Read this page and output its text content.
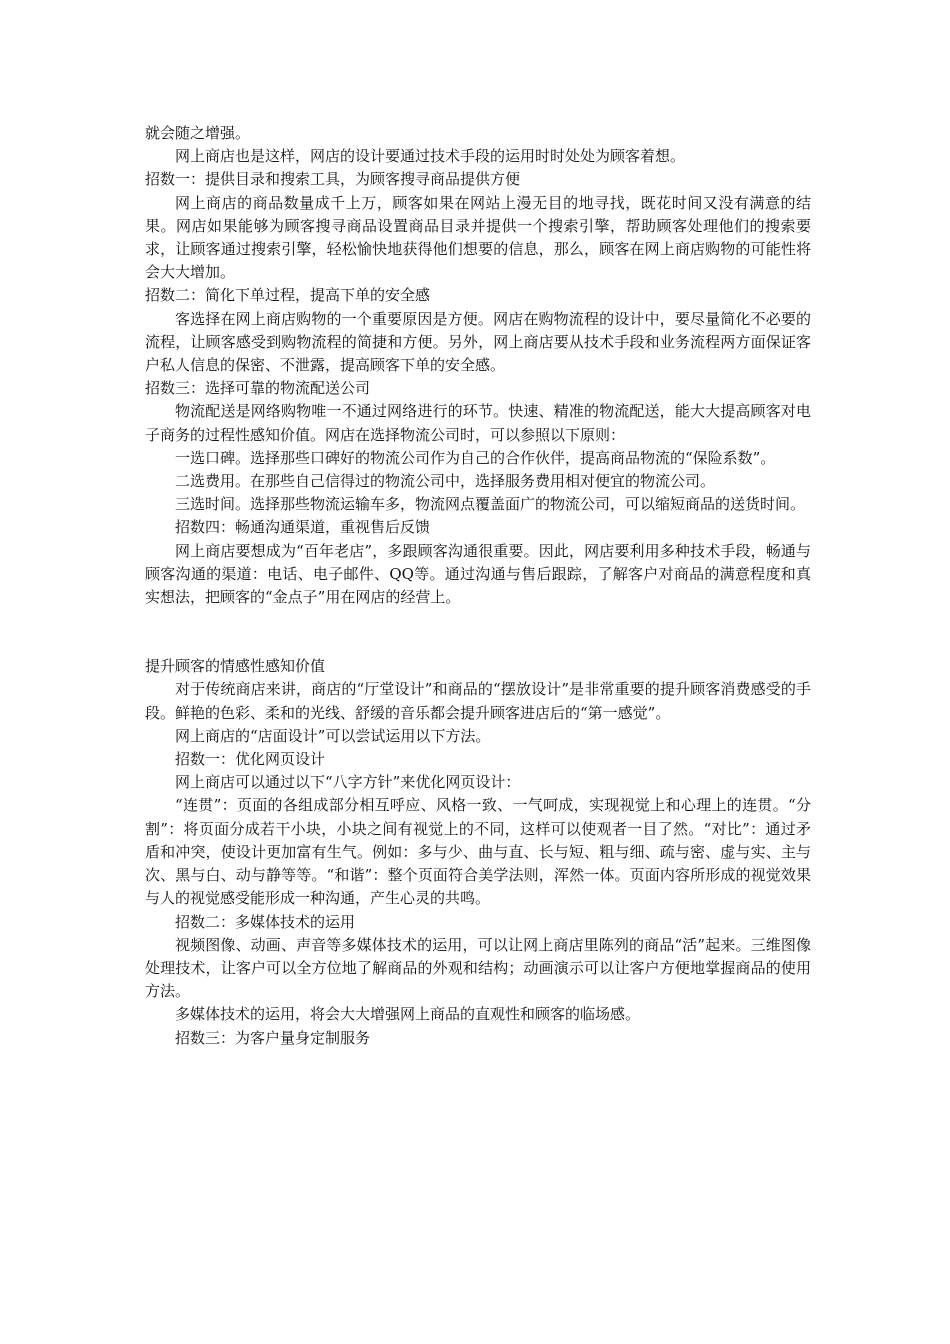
就会随之增强。

网上商店也是这样，网店的设计要通过技术手段的运用时时处处为顾客着想。

招数一：提供目录和搜索工具，为顾客搜寻商品提供方便

网上商店的商品数量成千上万，顾客如果在网站上漫无目的地寻找，既花时间又没有满意的结果。网店如果能够为顾客搜寻商品设置商品目录并提供一个搜索引擎，帮助顾客处理他们的搜索要求，让顾客通过搜索引擎，轻松愉快地获得他们想要的信息，那么，顾客在网上商店购物的可能性将会大大增加。

招数二：简化下单过程，提高下单的安全感

客选择在网上商店购物的一个重要原因是方便。网店在购物流程的设计中，要尽量简化不必要的流程，让顾客感受到购物流程的简捷和方便。另外，网上商店要从技术手段和业务流程两方面保证客户私人信息的保密、不泄露，提高顾客下单的安全感。

招数三：选择可靠的物流配送公司

物流配送是网络购物唯一不通过网络进行的环节。快速、精准的物流配送，能大大提高顾客对电子商务的过程性感知价值。网店在选择物流公司时，可以参照以下原则：

一选口碑。选择那些口碑好的物流公司作为自己的合作伙伴，提高商品物流的“保险系数”。

二选费用。在那些自己信得过的物流公司中，选择服务费用相对便宜的物流公司。

三选时间。选择那些物流运输车多，物流网点覆盖面广的物流公司，可以缩短商品的送货时间。

招数四：畅通沟通渠道，重视售后反馈

网上商店要想成为“百年老店”，多跟顾客沟通很重要。因此，网店要利用多种技术手段，畅通与顾客沟通的渠道：电话、电子邮件、QQ等。通过沟通与售后跟踪，了解客户对商品的满意程度和真实想法，把顾客的“金点子”用在网店的经营上。

提升顾客的情感性感知价值

对于传统商店来讲，商店的“厅堂设计”和商品的“摆放设计”是非常重要的提升顾客消费感受的手段。鲜艳的色彩、柔和的光线、舒缓的音乐都会提升顾客进店后的“第一感觉”。

网上商店的“店面设计”可以尝试运用以下方法。

招数一：优化网页设计

网上商店可以通过以下“八字方针”来优化网页设计：

“连贯”：页面的各组成部分相互呼应、风格一致、一气呵成，实现视觉上和心理上的连贯。“分割”：将页面分成若干小块，小块之间有视觉上的不同，这样可以使观者一目了然。“对比”：通过矛盾和冲突，使设计更加富有生气。例如：多与少、曲与直、长与短、粗与细、疏与密、虚与实、主与次、黑与白、动与静等等。“和谐”：整个页面符合美学法则，浑然一体。页面内容所形成的视觉效果与人的视觉感受能形成一种沟通，产生心灵的共鸣。

招数二：多媒体技术的运用

视频图像、动画、声音等多媒体技术的运用，可以让网上商店里陈列的商品“活”起来。三维图像处理技术，让客户可以全方位地了解商品的外观和结构；动画演示可以让客户方便地掌握商品的使用方法。

多媒体技术的运用，将会大大增强网上商品的直观性和顾客的临场感。

招数三：为客户量身定制服务
